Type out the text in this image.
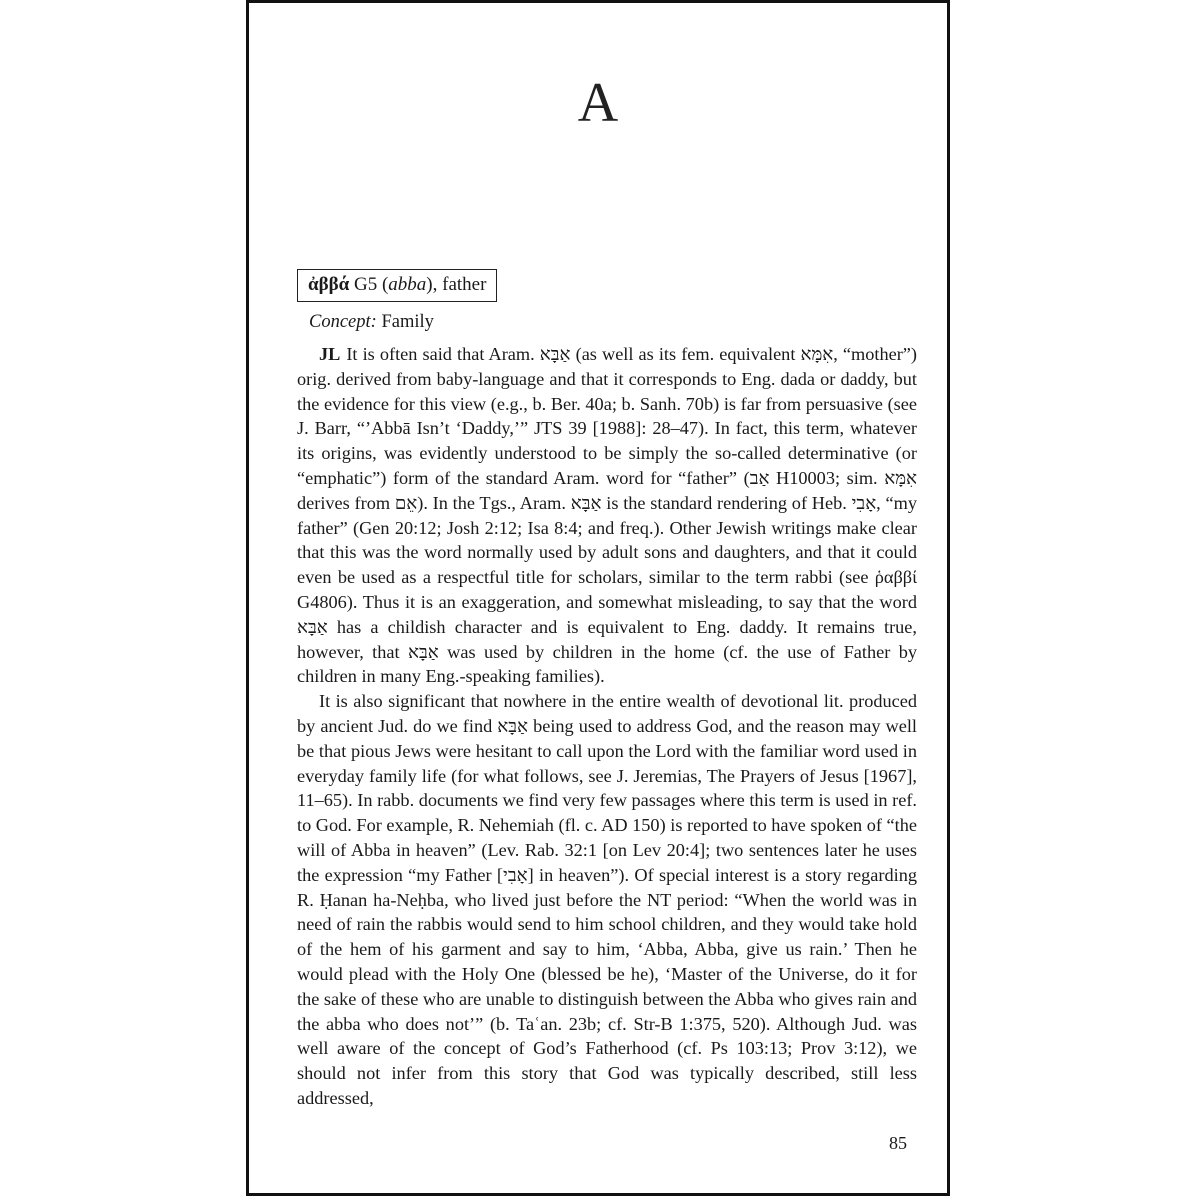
A
ἀββά G5 (abba), father
Concept: Family

JL It is often said that Aram. אַבָּא (as well as its fem. equivalent אִמָּא, “mother”) orig. derived from baby-language and that it corresponds to Eng. dada or daddy, but the evidence for this view (e.g., b. Ber. 40a; b. Sanh. 70b) is far from persuasive (see J. Barr, “’Abbā Isn’t ‘Daddy,’” JTS 39 [1988]: 28–47). In fact, this term, whatever its origins, was evidently understood to be simply the so-called determinative (or “emphatic”) form of the standard Aram. word for “father” (אַב H10003; sim. אִמָּא derives from אֵם). In the Tgs., Aram. אַבָּא is the standard rendering of Heb. אָבִי, “my father” (Gen 20:12; Josh 2:12; Isa 8:4; and freq.). Other Jewish writings make clear that this was the word normally used by adult sons and daughters, and that it could even be used as a respectful title for scholars, similar to the term rabbi (see ῥαββί G4806). Thus it is an exaggeration, and somewhat misleading, to say that the word אַבָּא has a childish character and is equivalent to Eng. daddy. It remains true, however, that אַבָּא was used by children in the home (cf. the use of Father by children in many Eng.-speaking families).

It is also significant that nowhere in the entire wealth of devotional lit. produced by ancient Jud. do we find אַבָּא being used to address God, and the reason may well be that pious Jews were hesitant to call upon the Lord with the familiar word used in everyday family life (for what follows, see J. Jeremias, The Prayers of Jesus [1967], 11–65). In rabb. documents we find very few passages where this term is used in ref. to God. For example, R. Nehemiah (fl. c. AD 150) is reported to have spoken of “the will of Abba in heaven” (Lev. Rab. 32:1 [on Lev 20:4]; two sentences later he uses the expression “my Father [אָבִי] in heaven”). Of special interest is a story regarding R. Ḥanan ha-Neḥba, who lived just before the NT period: “When the world was in need of rain the rabbis would send to him school children, and they would take hold of the hem of his garment and say to him, ‘Abba, Abba, give us rain.’ Then he would plead with the Holy One (blessed be he), ‘Master of the Universe, do it for the sake of these who are unable to distinguish between the Abba who gives rain and the abba who does not’” (b. Taʿan. 23b; cf. Str-B 1:375, 520). Although Jud. was well aware of the concept of God’s Fatherhood (cf. Ps 103:13; Prov 3:12), we should not infer from this story that God was typically described, still less addressed,

85
